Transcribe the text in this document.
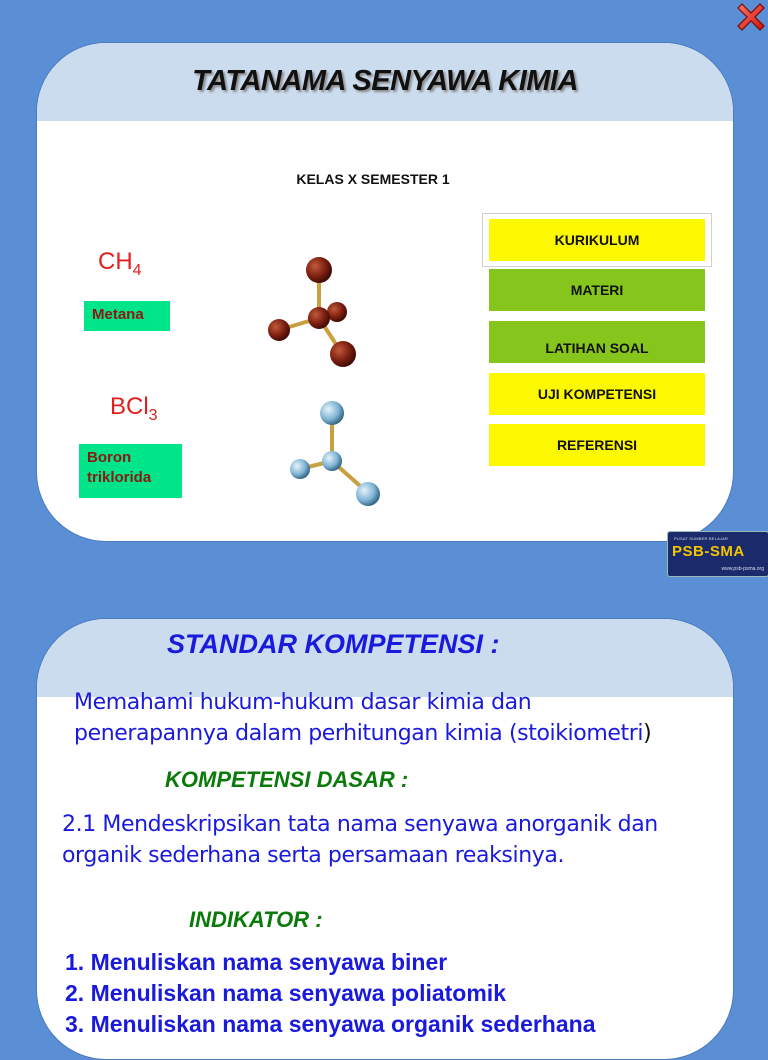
TATANAMA SENYAWA KIMIA
KELAS X SEMESTER 1
$CH_4$
Metana
BCl$_3$
Boron
triklorida
KURIKULUM
MATERI
LATIHAN SOAL
UJI KOMPETENSI
REFERENSI
PUSAT SUMBER BELAJAR
PSB-SMA
www.psb-psma.org
STANDAR KOMPETENSI :
Memahami hukum-hukum dasar kimia dan
penerapannya dalam perhitungan kimia (stoikiometri)
KOMPETENSI DASAR :
2.1 Mendeskripsikan tata nama senyawa anorganik dan
organik sederhana serta persamaan reaksinya.
INDIKATOR :
1. Menuliskan nama senyawa biner
2. Menuliskan nama senyawa poliatomik
3. Menuliskan nama senyawa organik sederhana
